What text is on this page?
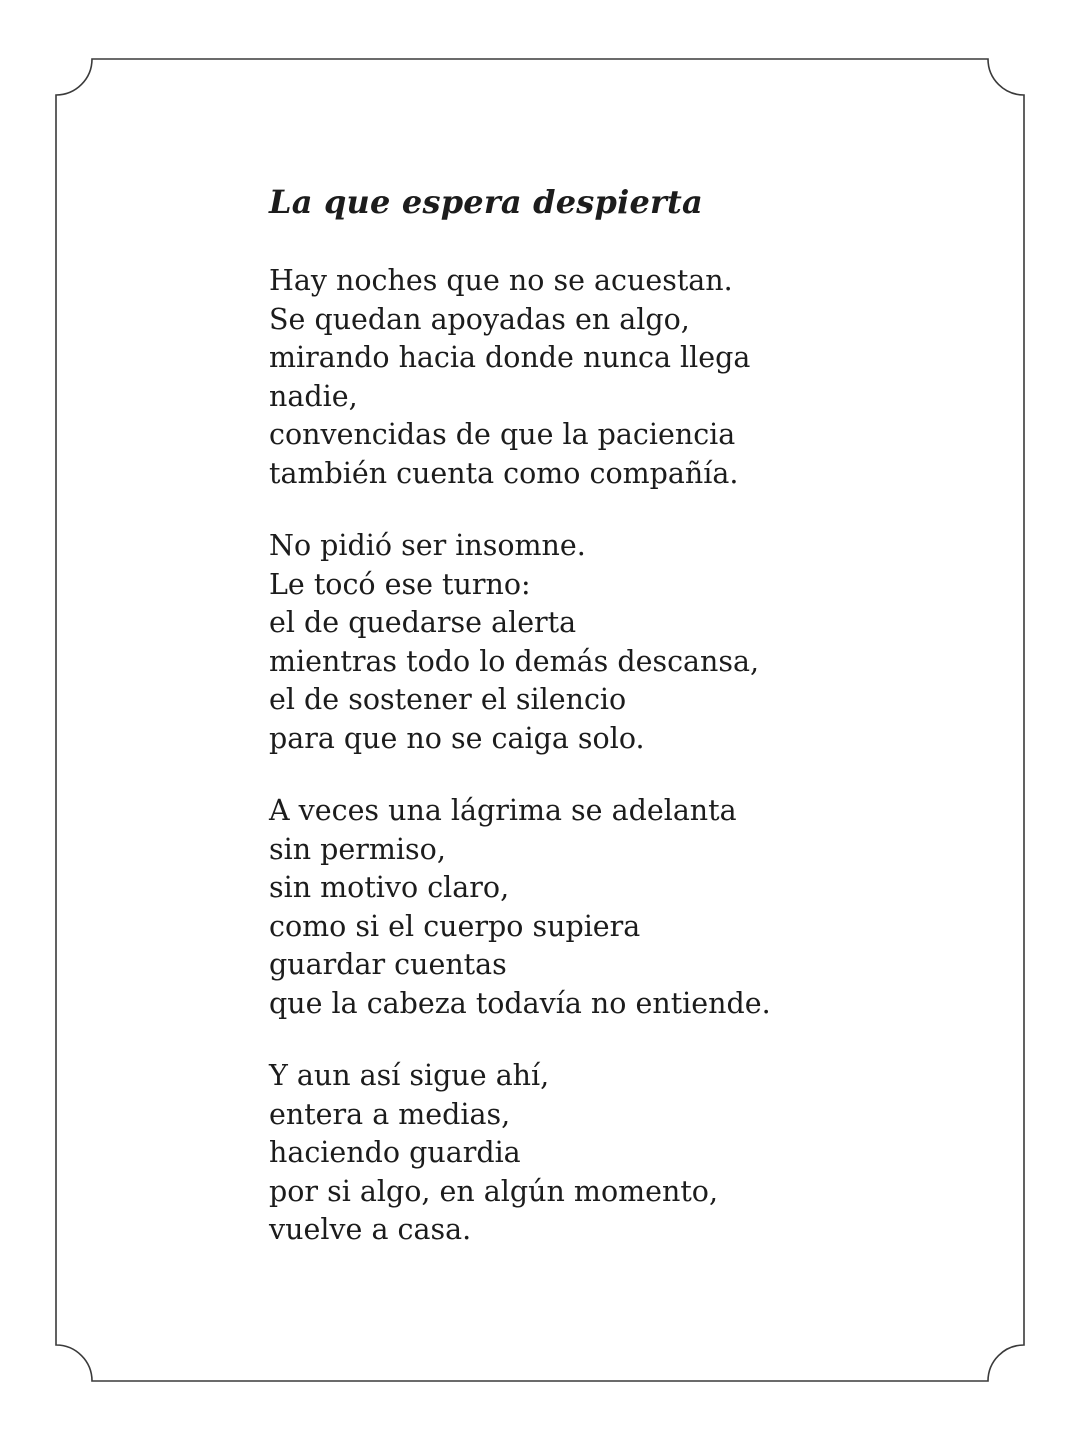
La que espera despierta
Hay noches que no se acuestan.
Se quedan apoyadas en algo,
mirando hacia donde nunca llega
nadie,
convencidas de que la paciencia
también cuenta como compañía.
No pidió ser insomne.
Le tocó ese turno:
el de quedarse alerta
mientras todo lo demás descansa,
el de sostener el silencio
para que no se caiga solo.
A veces una lágrima se adelanta
sin permiso,
sin motivo claro,
como si el cuerpo supiera
guardar cuentas
que la cabeza todavía no entiende.
Y aun así sigue ahí,
entera a medias,
haciendo guardia
por si algo, en algún momento,
vuelve a casa.
